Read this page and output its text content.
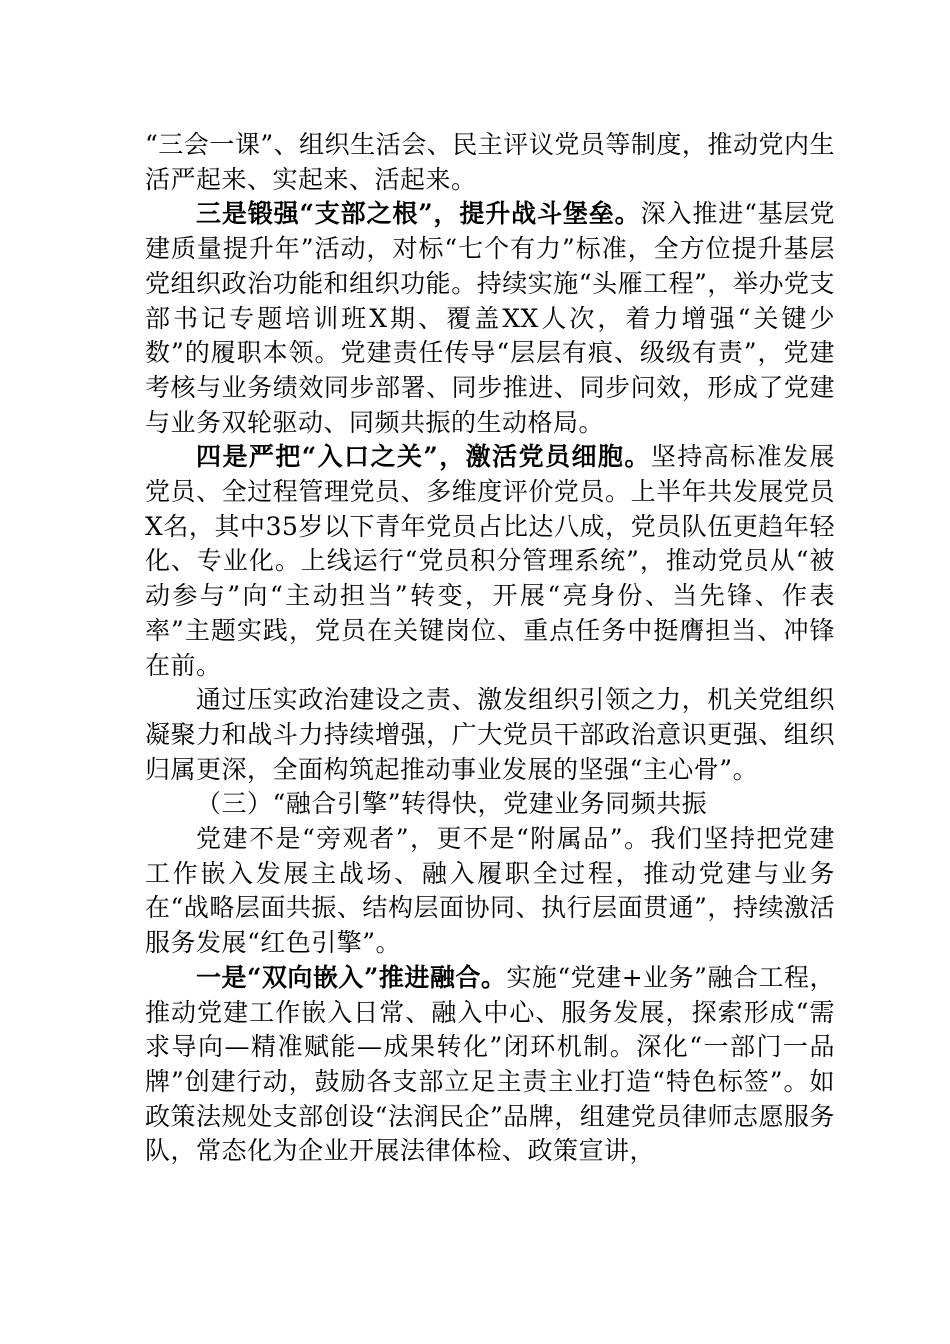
“三会一课”、组织生活会、民主评议党员等制度，推动党内生活严起来、实起来、活起来。

三是锻强“支部之根”，提升战斗堡垒。深入推进“基层党建质量提升年”活动，对标“七个有力”标准，全方位提升基层党组织政治功能和组织功能。持续实施“头雁工程”，举办党支部书记专题培训班X期、覆盖XX人次，着力增强“关键少数”的履职本领。党建责任传导“层层有痕、级级有责”，党建考核与业务绩效同步部署、同步推进、同步问效，形成了党建与业务双轮驱动、同频共振的生动格局。

四是严把“入口之关”，激活党员细胞。坚持高标准发展党员、全过程管理党员、多维度评价党员。上半年共发展党员X名，其中35岁以下青年党员占比达八成，党员队伍更趋年轻化、专业化。上线运行“党员积分管理系统”，推动党员从“被动参与”向“主动担当”转变，开展“亮身份、当先锋、作表率”主题实践，党员在关键岗位、重点任务中挺膺担当、冲锋在前。

通过压实政治建设之责、激发组织引领之力，机关党组织凝聚力和战斗力持续增强，广大党员干部政治意识更强、组织归属更深，全面构筑起推动事业发展的坚强“主心骨”。

（三）“融合引擎”转得快，党建业务同频共振

党建不是“旁观者”，更不是“附属品”。我们坚持把党建工作嵌入发展主战场、融入履职全过程，推动党建与业务在“战略层面共振、结构层面协同、执行层面贯通”，持续激活服务发展“红色引擎”。

一是“双向嵌入”推进融合。实施“党建+业务”融合工程，推动党建工作嵌入日常、融入中心、服务发展，探索形成“需求导向—精准赋能—成果转化”闭环机制。深化“一部门一品牌”创建行动，鼓励各支部立足主责主业打造“特色标签”。如政策法规处支部创设“法润民企”品牌，组建党员律师志愿服务队，常态化为企业开展法律体检、政策宣讲，
